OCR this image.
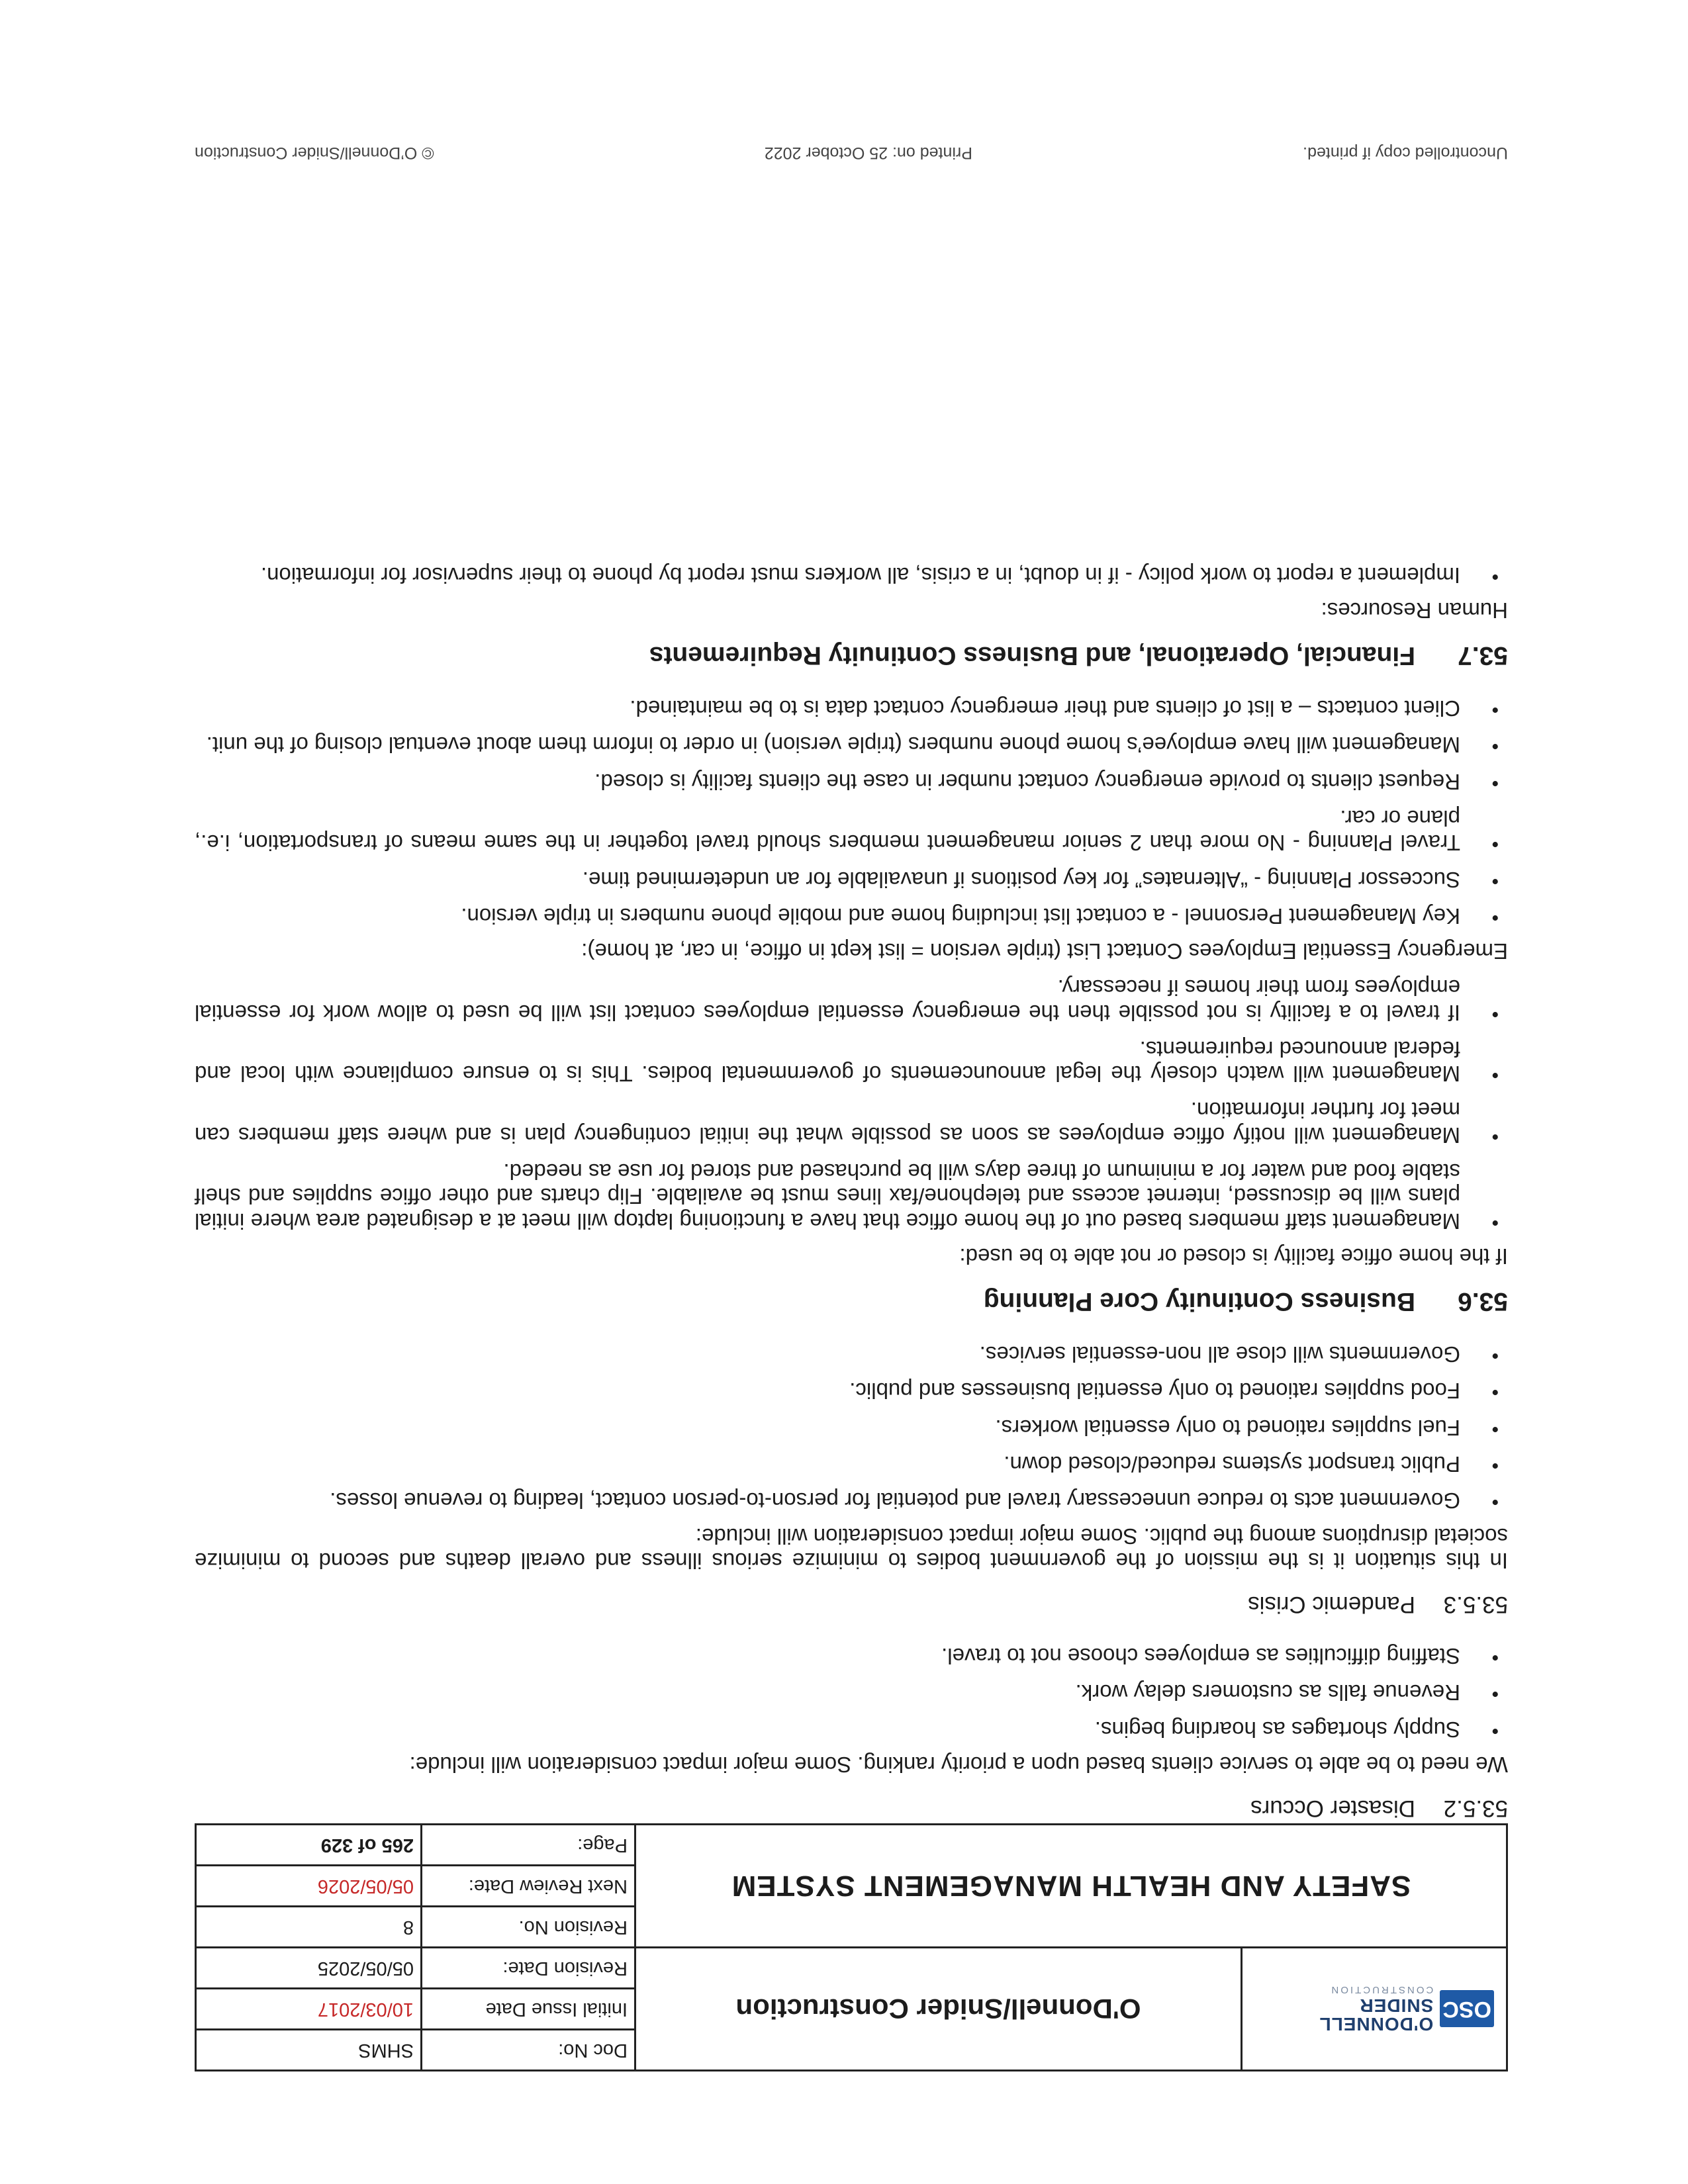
OSC
O'DONNELL SNIDER
CONSTRUCTION	O'Donnell/Snider Construction	Doc No:	SHMS
		Initial Issue Date	10/03/2017
		Revision Date:	05/05/2025
SAFETY AND HEALTH MANAGEMENT SYSTEM		Revision No.	8
		Next Review Date:	05/05/2026
		Page:	265 of 329
53.5.2Disaster Occurs

We need to be able to service clients based upon a priority ranking. Some major impact consideration will include:

• Supply shortages as hoarding begins.
• Revenue falls as customers delay work.
• Staffing difficulties as employees choose not to travel.
53.5.3Pandemic Crisis

In this situation it is the mission of the government bodies to minimize serious illness and overall deaths and second to minimize societal disruptions among the public. Some major impact consideration will include:

• Government acts to reduce unnecessary travel and potential for person-to-person contact, leading to revenue losses.
• Public transport systems reduced/closed down.
• Fuel supplies rationed to only essential workers.
• Food supplies rationed to only essential businesses and public.
• Governments will close all non-essential services.
53.6Business Continuity Core Planning

If the home office facility is closed or not able to be used:

• Management staff members based out of the home office that have a functioning laptop will meet at a designated area where initial plans will be discussed, internet access and telephone/fax lines must be available. Flip charts and other office supplies and shelf stable food and water for a minimum of three days will be purchased and stored for use as needed.
• Management will notify office employees as soon as possible what the initial contingency plan is and where staff members can meet for further information.
• Management will watch closely the legal announcements of governmental bodies. This is to ensure compliance with local and federal announced requirements.
• If travel to a facility is not possible then the emergency essential employees contact list will be used to allow work for essential employees from their homes if necessary.

Emergency Essential Employees Contact List (triple version = list kept in office, in car, at home):

• Key Management Personnel - a contact list including home and mobile phone numbers in triple version.
• Successor Planning - “Alternates” for key positions if unavailable for an undetermined time.
• Travel Planning - No more than 2 senior management members should travel together in the same means of transportation, i.e., plane or car.
• Request clients to provide emergency contact number in case the clients facility is closed.
• Management will have employee’s home phone numbers (triple version) in order to inform them about eventual closing of the unit.
• Client contacts – a list of clients and their emergency contact data is to be maintained.
53.7Financial, Operational, and Business Continuity Requirements

Human Resources:

• Implement a report to work policy - if in doubt, in a crisis, all workers must report by phone to their supervisor for information.
Uncontrolled copy if printed.
Printed on: 25 October 2022
© O’Donnell/Snider Construction
